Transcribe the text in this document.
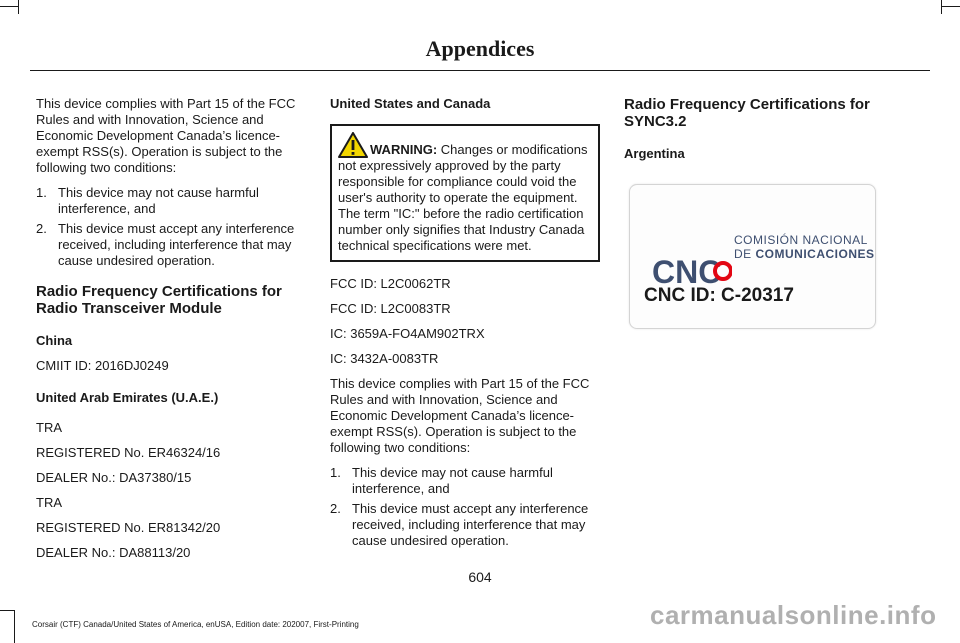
Appendices

This device complies with Part 15 of the FCC Rules and with Innovation, Science and Economic Development Canada’s licence-exempt RSS(s). Operation is subject to the following two conditions:

1. This device may not cause harmful interference, and
2. This device must accept any interference received, including interference that may cause undesired operation.
Radio Frequency Certifications for Radio Transceiver Module

China

CMIIT ID: 2016DJ0249

United Arab Emirates (U.A.E.)

TRA

REGISTERED No. ER46324/16

DEALER No.: DA37380/15

TRA

REGISTERED No. ER81342/20

DEALER No.: DA88113/20

United States and Canada

WARNING: Changes or modifications not expressively approved by the party responsible for compliance could void the user's authority to operate the equipment. The term "IC:" before the radio certification number only signifies that Industry Canada technical specifications were met.

FCC ID: L2C0062TR

FCC ID: L2C0083TR

IC: 3659A-FO4AM902TRX

IC: 3432A-0083TR

This device complies with Part 15 of the FCC Rules and with Innovation, Science and Economic Development Canada’s licence-exempt RSS(s). Operation is subject to the following two conditions:

1. This device may not cause harmful interference, and
2. This device must accept any interference received, including interference that may cause undesired operation.
Radio Frequency Certifications for SYNC3.2

Argentina

CNC
COMISIÓN NACIONAL
DE COMUNICACIONES
CNC ID: C-20317
604
Corsair (CTF) Canada/United States of America, enUSA, Edition date: 202007, First-Printing	carmanualsonline.info
